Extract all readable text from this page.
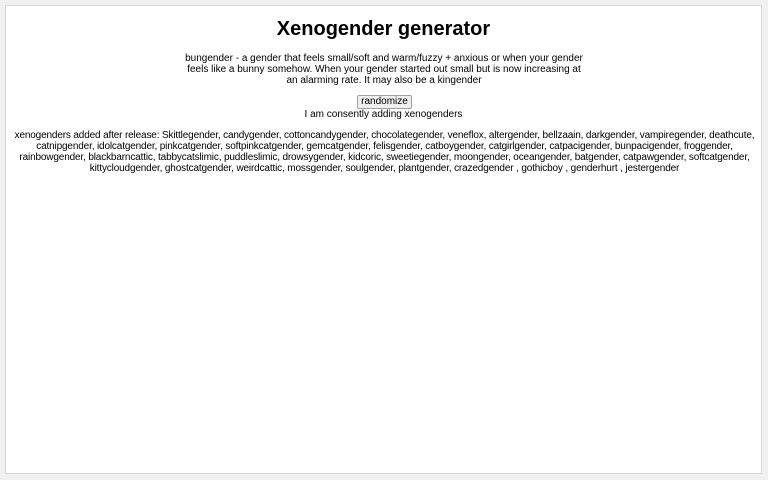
Xenogender generator
bungender - a gender that feels small/soft and warm/fuzzy + anxious or when your gender feels like a bunny somehow. When your gender started out small but is now increasing at an alarming rate. It may also be a kingender
randomize
I am consently adding xenogenders
xenogenders added after release: Skittlegender, candygender, cottoncandygender, chocolategender, veneflox, altergender, bellzaain, darkgender, vampiregender, deathcute, catnipgender, idolcatgender, pinkcatgender, softpinkcatgender, gemcatgender, felisgender, catboygender, catgirlgender, catpacigender, bunpacigender, froggender, rainbowgender, blackbarncattic, tabbycatslimic, puddleslimic, drowsygender, kidcoric, sweetiegender, moongender, oceangender, batgender, catpawgender, softcatgender, kittycloudgender, ghostcatgender, weirdcattic, mossgender, soulgender, plantgender, crazedgender , gothicboy , genderhurt , jestergender
